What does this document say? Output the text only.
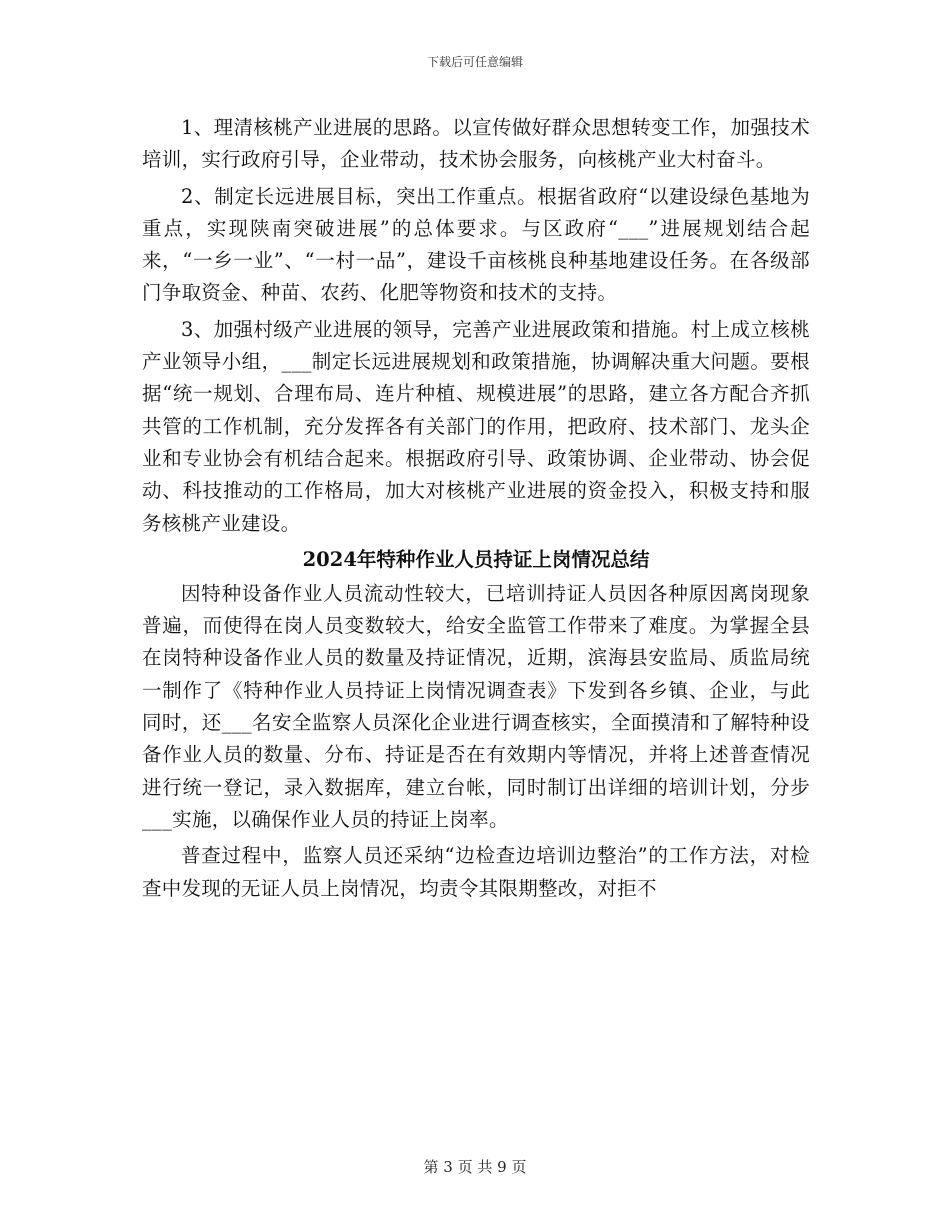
下载后可任意编辑

1、理清核桃产业进展的思路。以宣传做好群众思想转变工作，加强技术培训，实行政府引导，企业带动，技术协会服务，向核桃产业大村奋斗。

2、制定长远进展目标，突出工作重点。根据省政府“以建设绿色基地为重点，实现陕南突破进展”的总体要求。与区政府“___”进展规划结合起来，“一乡一业”、“一村一品”，建设千亩核桃良种基地建设任务。在各级部门争取资金、种苗、农药、化肥等物资和技术的支持。

3、加强村级产业进展的领导，完善产业进展政策和措施。村上成立核桃产业领导小组，___制定长远进展规划和政策措施，协调解决重大问题。要根据“统一规划、合理布局、连片种植、规模进展”的思路，建立各方配合齐抓共管的工作机制，充分发挥各有关部门的作用，把政府、技术部门、龙头企业和专业协会有机结合起来。根据政府引导、政策协调、企业带动、协会促动、科技推动的工作格局，加大对核桃产业进展的资金投入，积极支持和服务核桃产业建设。

2024年特种作业人员持证上岗情况总结

因特种设备作业人员流动性较大，已培训持证人员因各种原因离岗现象普遍，而使得在岗人员变数较大，给安全监管工作带来了难度。为掌握全县在岗特种设备作业人员的数量及持证情况，近期，滨海县安监局、质监局统一制作了《特种作业人员持证上岗情况调查表》下发到各乡镇、企业，与此同时，还___名安全监察人员深化企业进行调查核实，全面摸清和了解特种设备作业人员的数量、分布、持证是否在有效期内等情况，并将上述普查情况进行统一登记，录入数据库，建立台帐，同时制订出详细的培训计划，分步___实施，以确保作业人员的持证上岗率。

普查过程中，监察人员还采纳“边检查边培训边整治”的工作方法，对检查中发现的无证人员上岗情况，均责令其限期整改，对拒不

第 3 页 共 9 页
